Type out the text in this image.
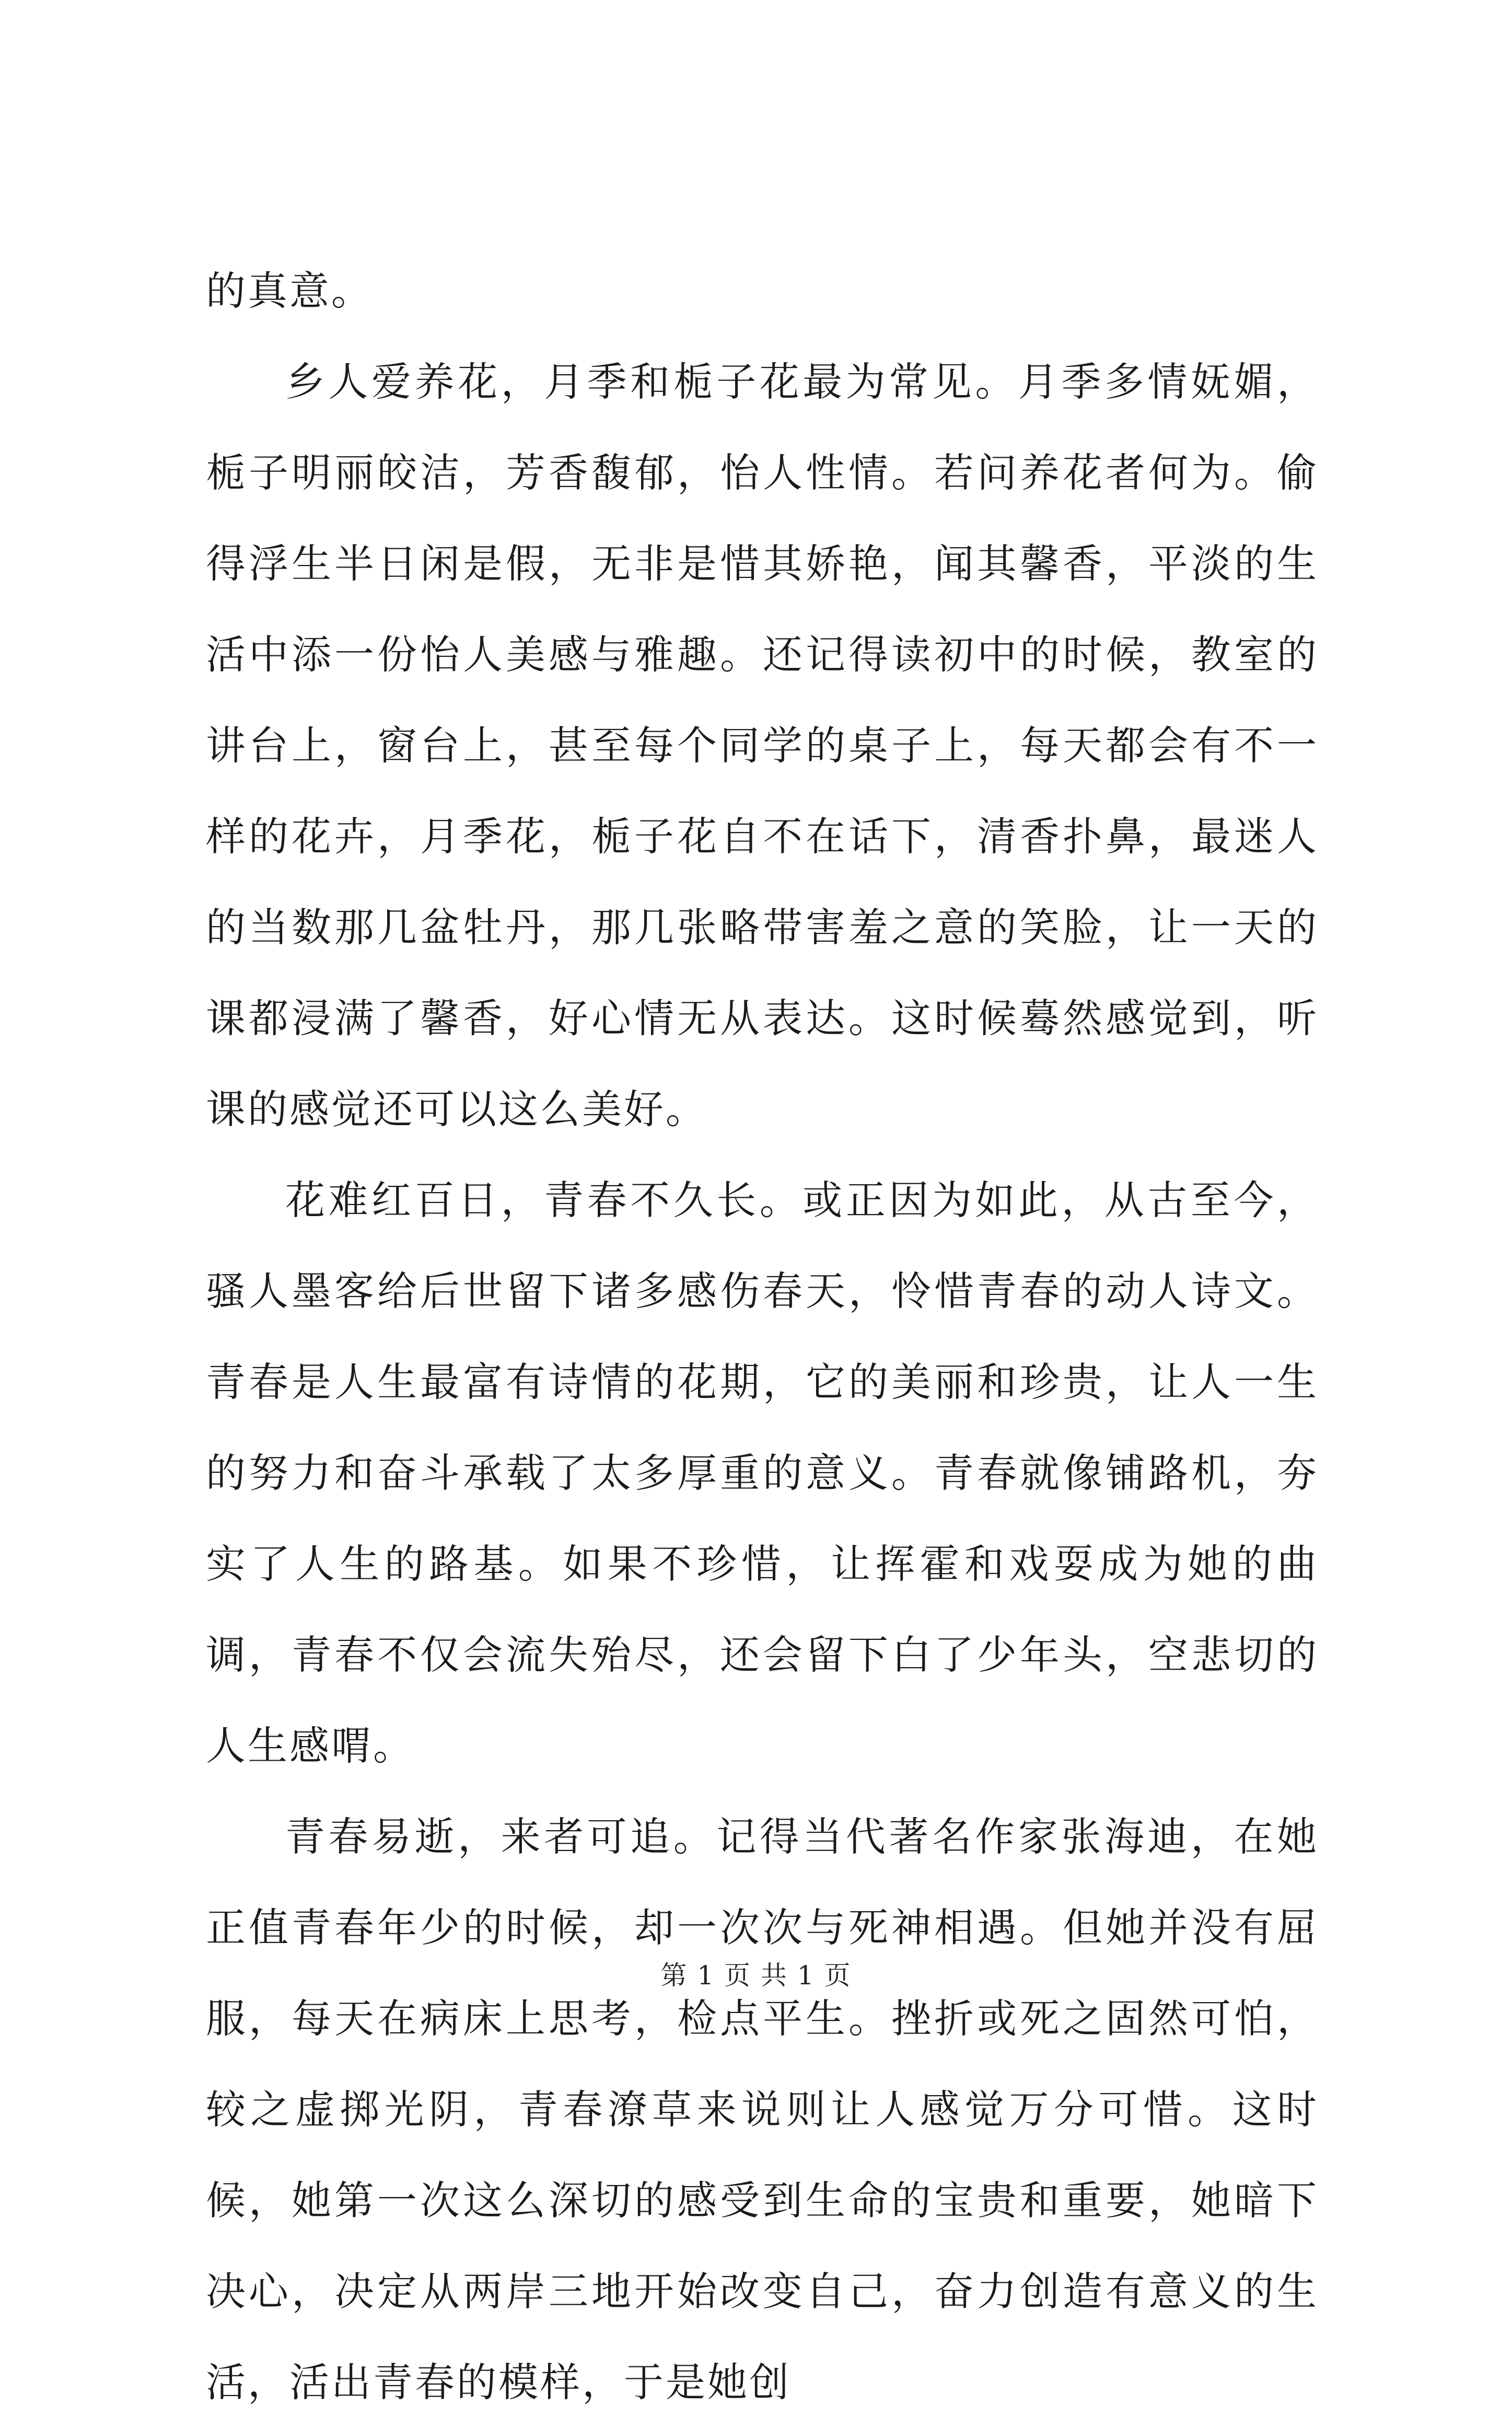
的真意。

乡人爱养花，月季和栀子花最为常见。月季多情妩媚，栀子明丽皎洁，芳香馥郁，怡人性情。若问养花者何为。偷得浮生半日闲是假，无非是惜其娇艳，闻其馨香，平淡的生活中添一份怡人美感与雅趣。还记得读初中的时候，教室的讲台上，窗台上，甚至每个同学的桌子上，每天都会有不一样的花卉，月季花，栀子花自不在话下，清香扑鼻，最迷人的当数那几盆牡丹，那几张略带害羞之意的笑脸，让一天的课都浸满了馨香，好心情无从表达。这时候蓦然感觉到，听课的感觉还可以这么美好。

花难红百日，青春不久长。或正因为如此，从古至今，骚人墨客给后世留下诸多感伤春天，怜惜青春的动人诗文。青春是人生最富有诗情的花期，它的美丽和珍贵，让人一生的努力和奋斗承载了太多厚重的意义。青春就像铺路机，夯实了人生的路基。如果不珍惜，让挥霍和戏耍成为她的曲调，青春不仅会流失殆尽，还会留下白了少年头，空悲切的人生感喟。

青春易逝，来者可追。记得当代著名作家张海迪，在她正值青春年少的时候，却一次次与死神相遇。但她并没有屈服，每天在病床上思考，检点平生。挫折或死之固然可怕，较之虚掷光阴，青春潦草来说则让人感觉万分可惜。这时候，她第一次这么深切的感受到生命的宝贵和重要，她暗下决心，决定从两岸三地开始改变自己，奋力创造有意义的生活，活出青春的模样，于是她创

第 1 页 共 1 页
